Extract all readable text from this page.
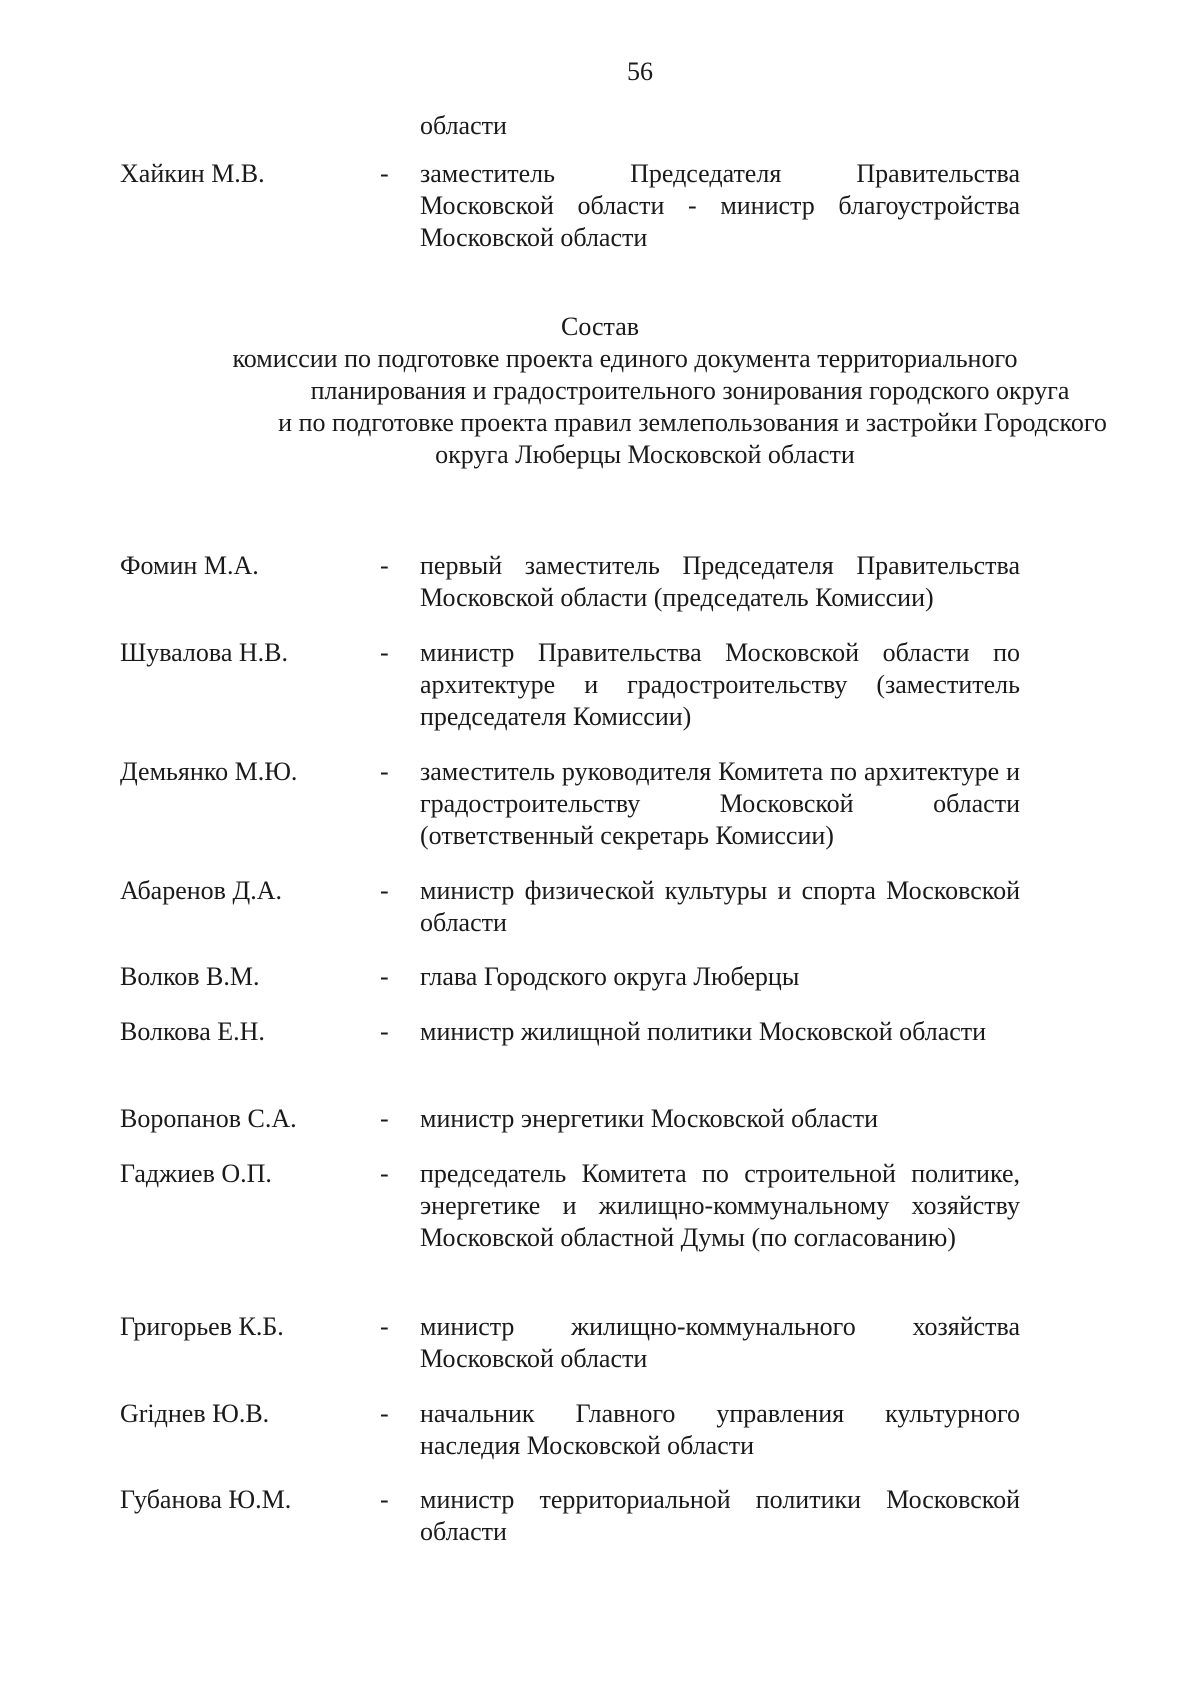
56
области
Хайкин М.В.	- заместитель Председателя Правительства Московской области - министр благоустройства Московской области
Состав
комиссии по подготовке проекта единого документа территориального
планирования и градостроительного зонирования городского округа
и по подготовке проекта правил землепользования и застройки Городского
округа Люберцы Московской области
Фомин М.А.	- первый заместитель Председателя Правительства Московской области (председатель Комиссии)
Шувалова Н.В.	- министр Правительства Московской области по архитектуре и градостроительству (заместитель председателя Комиссии)
Демьянко М.Ю.	- заместитель руководителя Комитета по архитектуре и градостроительству Московской области (ответственный секретарь Комиссии)
Абаренов Д.А.	- министр физической культуры и спорта Московской области
Волков В.М.	- глава Городского округа Люберцы
Волкова Е.Н.	- министр жилищной политики Московской области
Воропанов С.А.	- министр энергетики Московской области
Гаджиев О.П.	- председатель Комитета по строительной политике, энергетике и жилищно-коммунальному хозяйству Московской областной Думы (по согласованию)
Григорьев К.Б.	- министр жилищно-коммунального хозяйства Московской области
Griднев Ю.В.	- начальник Главного управления культурного наследия Московской области
Губанова Ю.М.	- министр территориальной политики Московской области
